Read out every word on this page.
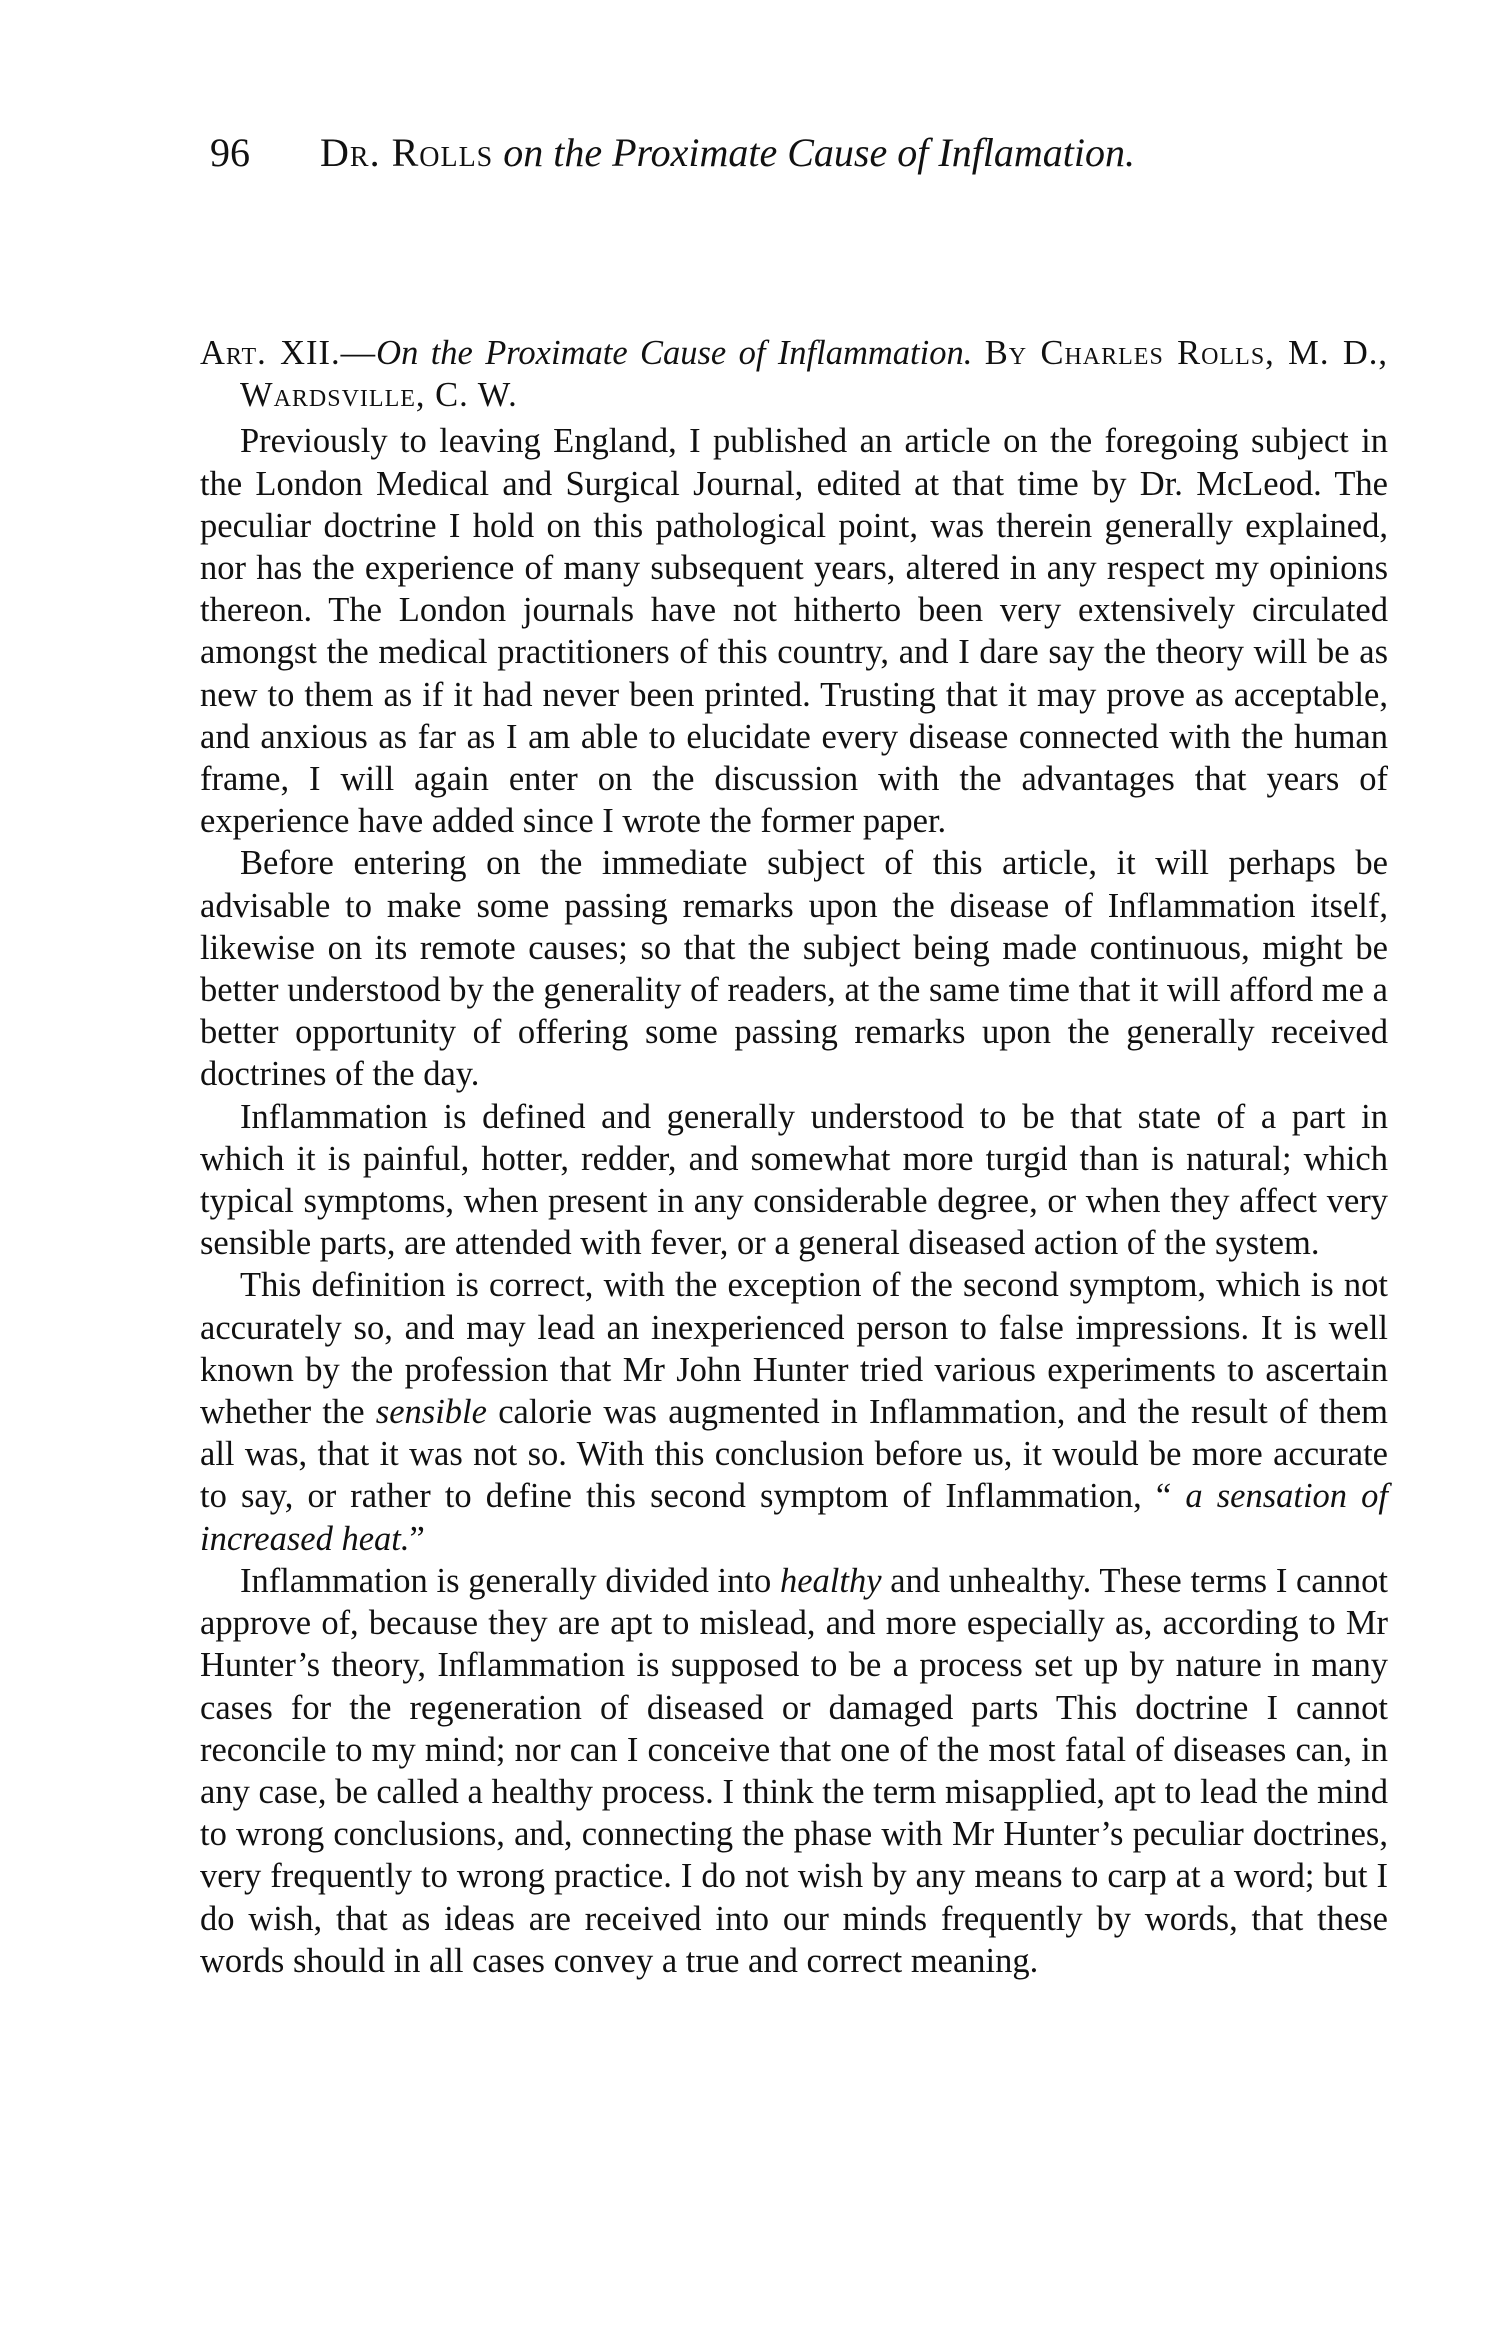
96 Dr. Rolls on the Proximate Cause of Inflamation.
Art. XII.—On the Proximate Cause of Inflammation. By Charles Rolls, M. D., Wardsville, C. W.

Previously to leaving England, I published an article on the foregoing subject in the London Medical and Surgical Journal, edited at that time by Dr. McLeod. The peculiar doctrine I hold on this pathological point, was therein generally explained, nor has the experience of many subsequent years, altered in any respect my opinions thereon. The London journals have not hitherto been very extensively circulated amongst the medical practitioners of this country, and I dare say the theory will be as new to them as if it had never been printed. Trusting that it may prove as acceptable, and anxious as far as I am able to elucidate every disease connected with the human frame, I will again enter on the discussion with the advantages that years of experience have added since I wrote the former paper.

Before entering on the immediate subject of this article, it will perhaps be advisable to make some passing remarks upon the disease of Inflammation itself, likewise on its remote causes; so that the subject being made continuous, might be better understood by the generality of readers, at the same time that it will afford me a better opportunity of offering some passing remarks upon the generally received doctrines of the day.

Inflammation is defined and generally understood to be that state of a part in which it is painful, hotter, redder, and somewhat more turgid than is natural; which typical symptoms, when present in any considerable degree, or when they affect very sensible parts, are attended with fever, or a general diseased action of the system.

This definition is correct, with the exception of the second symptom, which is not accurately so, and may lead an inexperienced person to false impressions. It is well known by the profession that Mr John Hunter tried various experiments to ascertain whether the sensible calorie was augmented in Inflammation, and the result of them all was, that it was not so. With this conclusion before us, it would be more accurate to say, or rather to define this second symptom of Inflammation, “ a sensation of increased heat.”

Inflammation is generally divided into healthy and unhealthy. These terms I cannot approve of, because they are apt to mislead, and more especially as, according to Mr Hunter’s theory, Inflammation is supposed to be a process set up by nature in many cases for the regeneration of diseased or damaged parts This doctrine I cannot reconcile to my mind; nor can I conceive that one of the most fatal of diseases can, in any case, be called a healthy process. I think the term misapplied, apt to lead the mind to wrong conclusions, and, connecting the phase with Mr Hunter’s peculiar doctrines, very frequently to wrong practice. I do not wish by any means to carp at a word; but I do wish, that as ideas are received into our minds frequently by words, that these words should in all cases convey a true and correct meaning.
